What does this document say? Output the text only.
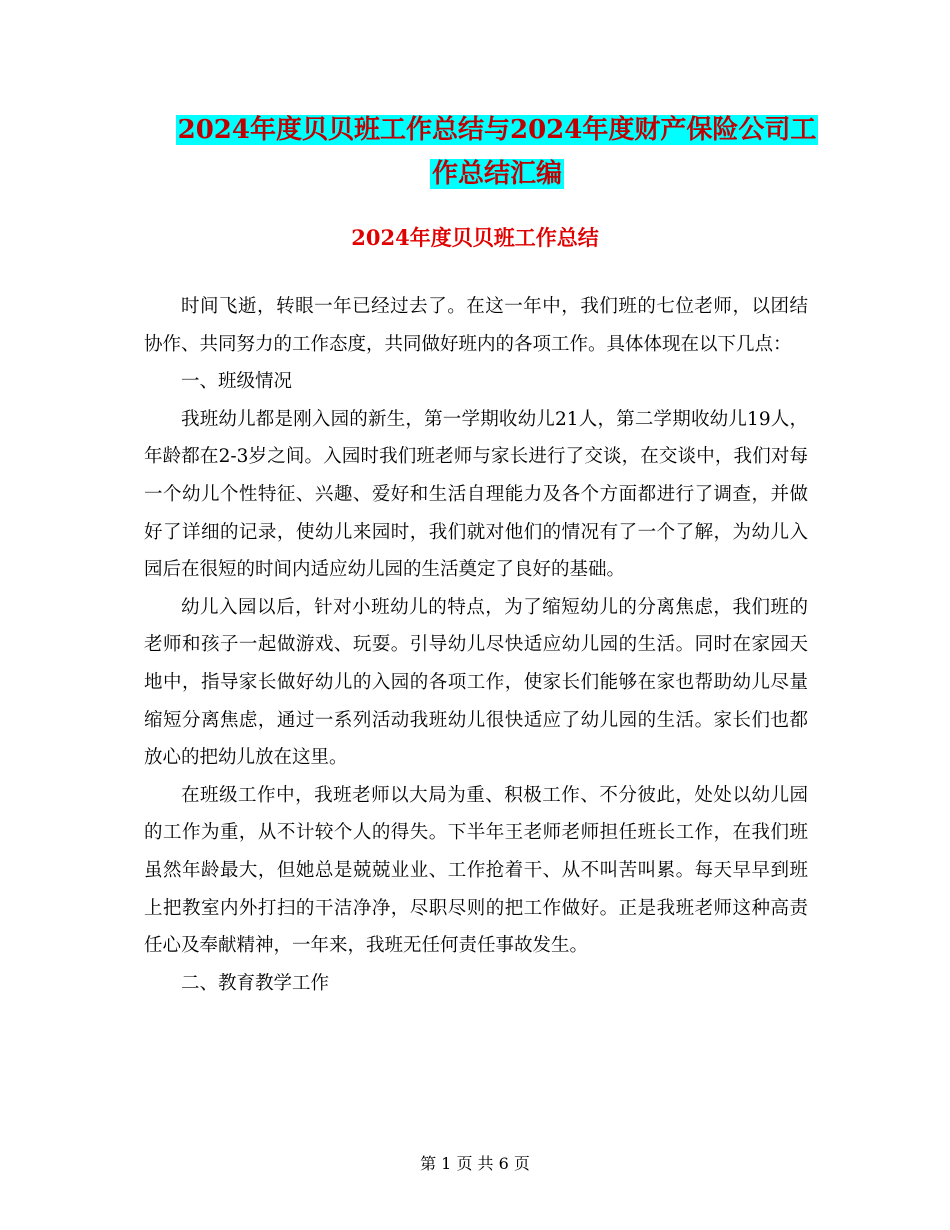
2024年度贝贝班工作总结与2024年度财产保险公司工
作总结汇编
2024年度贝贝班工作总结

时间飞逝，转眼一年已经过去了。在这一年中，我们班的七位老师，以团结协作、共同努力的工作态度，共同做好班内的各项工作。具体体现在以下几点：

一、班级情况

我班幼儿都是刚入园的新生，第一学期收幼儿21人，第二学期收幼儿19人，年龄都在2-3岁之间。入园时我们班老师与家长进行了交谈，在交谈中，我们对每一个幼儿个性特征、兴趣、爱好和生活自理能力及各个方面都进行了调查，并做好了详细的记录，使幼儿来园时，我们就对他们的情况有了一个了解，为幼儿入园后在很短的时间内适应幼儿园的生活奠定了良好的基础。

幼儿入园以后，针对小班幼儿的特点，为了缩短幼儿的分离焦虑，我们班的老师和孩子一起做游戏、玩耍。引导幼儿尽快适应幼儿园的生活。同时在家园天地中，指导家长做好幼儿的入园的各项工作，使家长们能够在家也帮助幼儿尽量缩短分离焦虑，通过一系列活动我班幼儿很快适应了幼儿园的生活。家长们也都放心的把幼儿放在这里。

在班级工作中，我班老师以大局为重、积极工作、不分彼此，处处以幼儿园的工作为重，从不计较个人的得失。下半年王老师老师担任班长工作，在我们班虽然年龄最大，但她总是兢兢业业、工作抢着干、从不叫苦叫累。每天早早到班上把教室内外打扫的干洁净净，尽职尽则的把工作做好。正是我班老师这种高责任心及奉献精神，一年来，我班无任何责任事故发生。

二、教育教学工作

第 1 页 共 6 页
